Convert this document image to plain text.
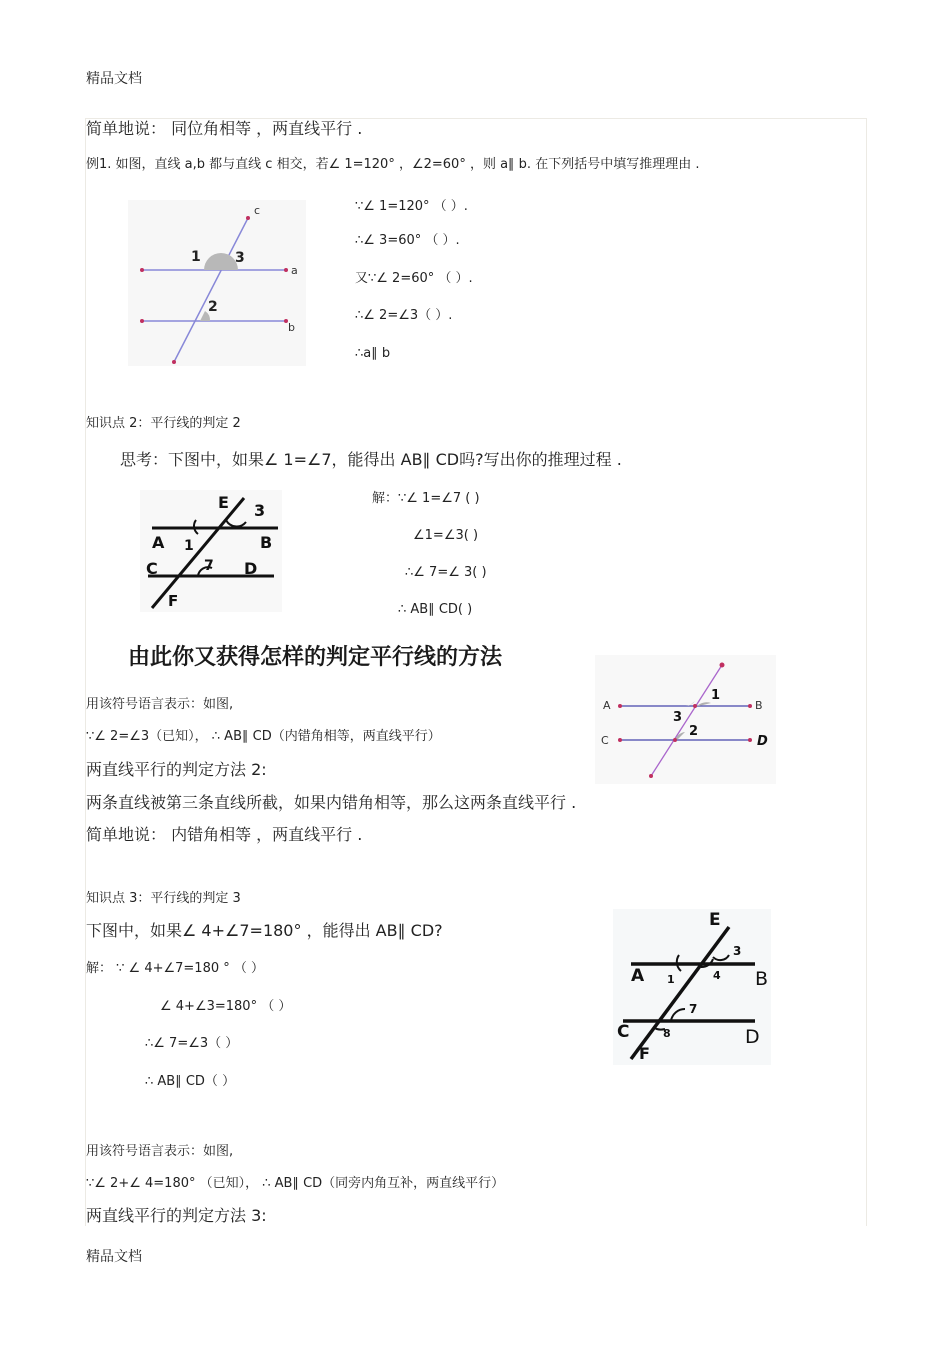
精品文档
简单地说： 同位角相等 ，两直线平行 .
例1. 如图，直线 a,b 都与直线 c 相交，若∠ 1=120° ，∠2=60° ，则 a∥ b. 在下列括号中填写推理理由 .
c
a
b
1 3
2
∵∠ 1=120° （ ）.
∴∠ 3=60° （ ）.
又∵∠ 2=60° （ ）.
∴∠ 2=∠3（ ）.
∴a∥ b
知识点 2：平行线的判定 2
思考：下图中，如果∠ 1=∠7，能得出 AB∥ CD吗?写出你的推理过程 .
E 3
A 1	B
C	7 D
F
解：∵∠ 1=∠7 ( )
∠1=∠3( )
∴∠ 7=∠ 3( )
∴ AB∥ CD( )
由此你又获得怎样的判定平行线的方法
A	B
C	D
1
3
2
用该符号语言表示：如图,
∵∠ 2=∠3（已知）， ∴ AB∥ CD（内错角相等，两直线平行）
两直线平行的判定方法 2:
两条直线被第三条直线所截，如果内错角相等，那么这两条直线平行 .
简单地说： 内错角相等 ，两直线平行 .
知识点 3：平行线的判定 3
下图中，如果∠ 4+∠7=180° ，能得出 AB∥ CD?
E
3
A 1	4 B
7
C	8	D
F
解： ∵ ∠ 4+∠7=180 ° （ ）
∠ 4+∠3=180° （ ）
∴∠ 7=∠3（ ）
∴ AB∥ CD（ ）
用该符号语言表示：如图,
∵∠ 2+∠ 4=180° （已知）， ∴ AB∥ CD（同旁内角互补，两直线平行）
两直线平行的判定方法 3:
精品文档
